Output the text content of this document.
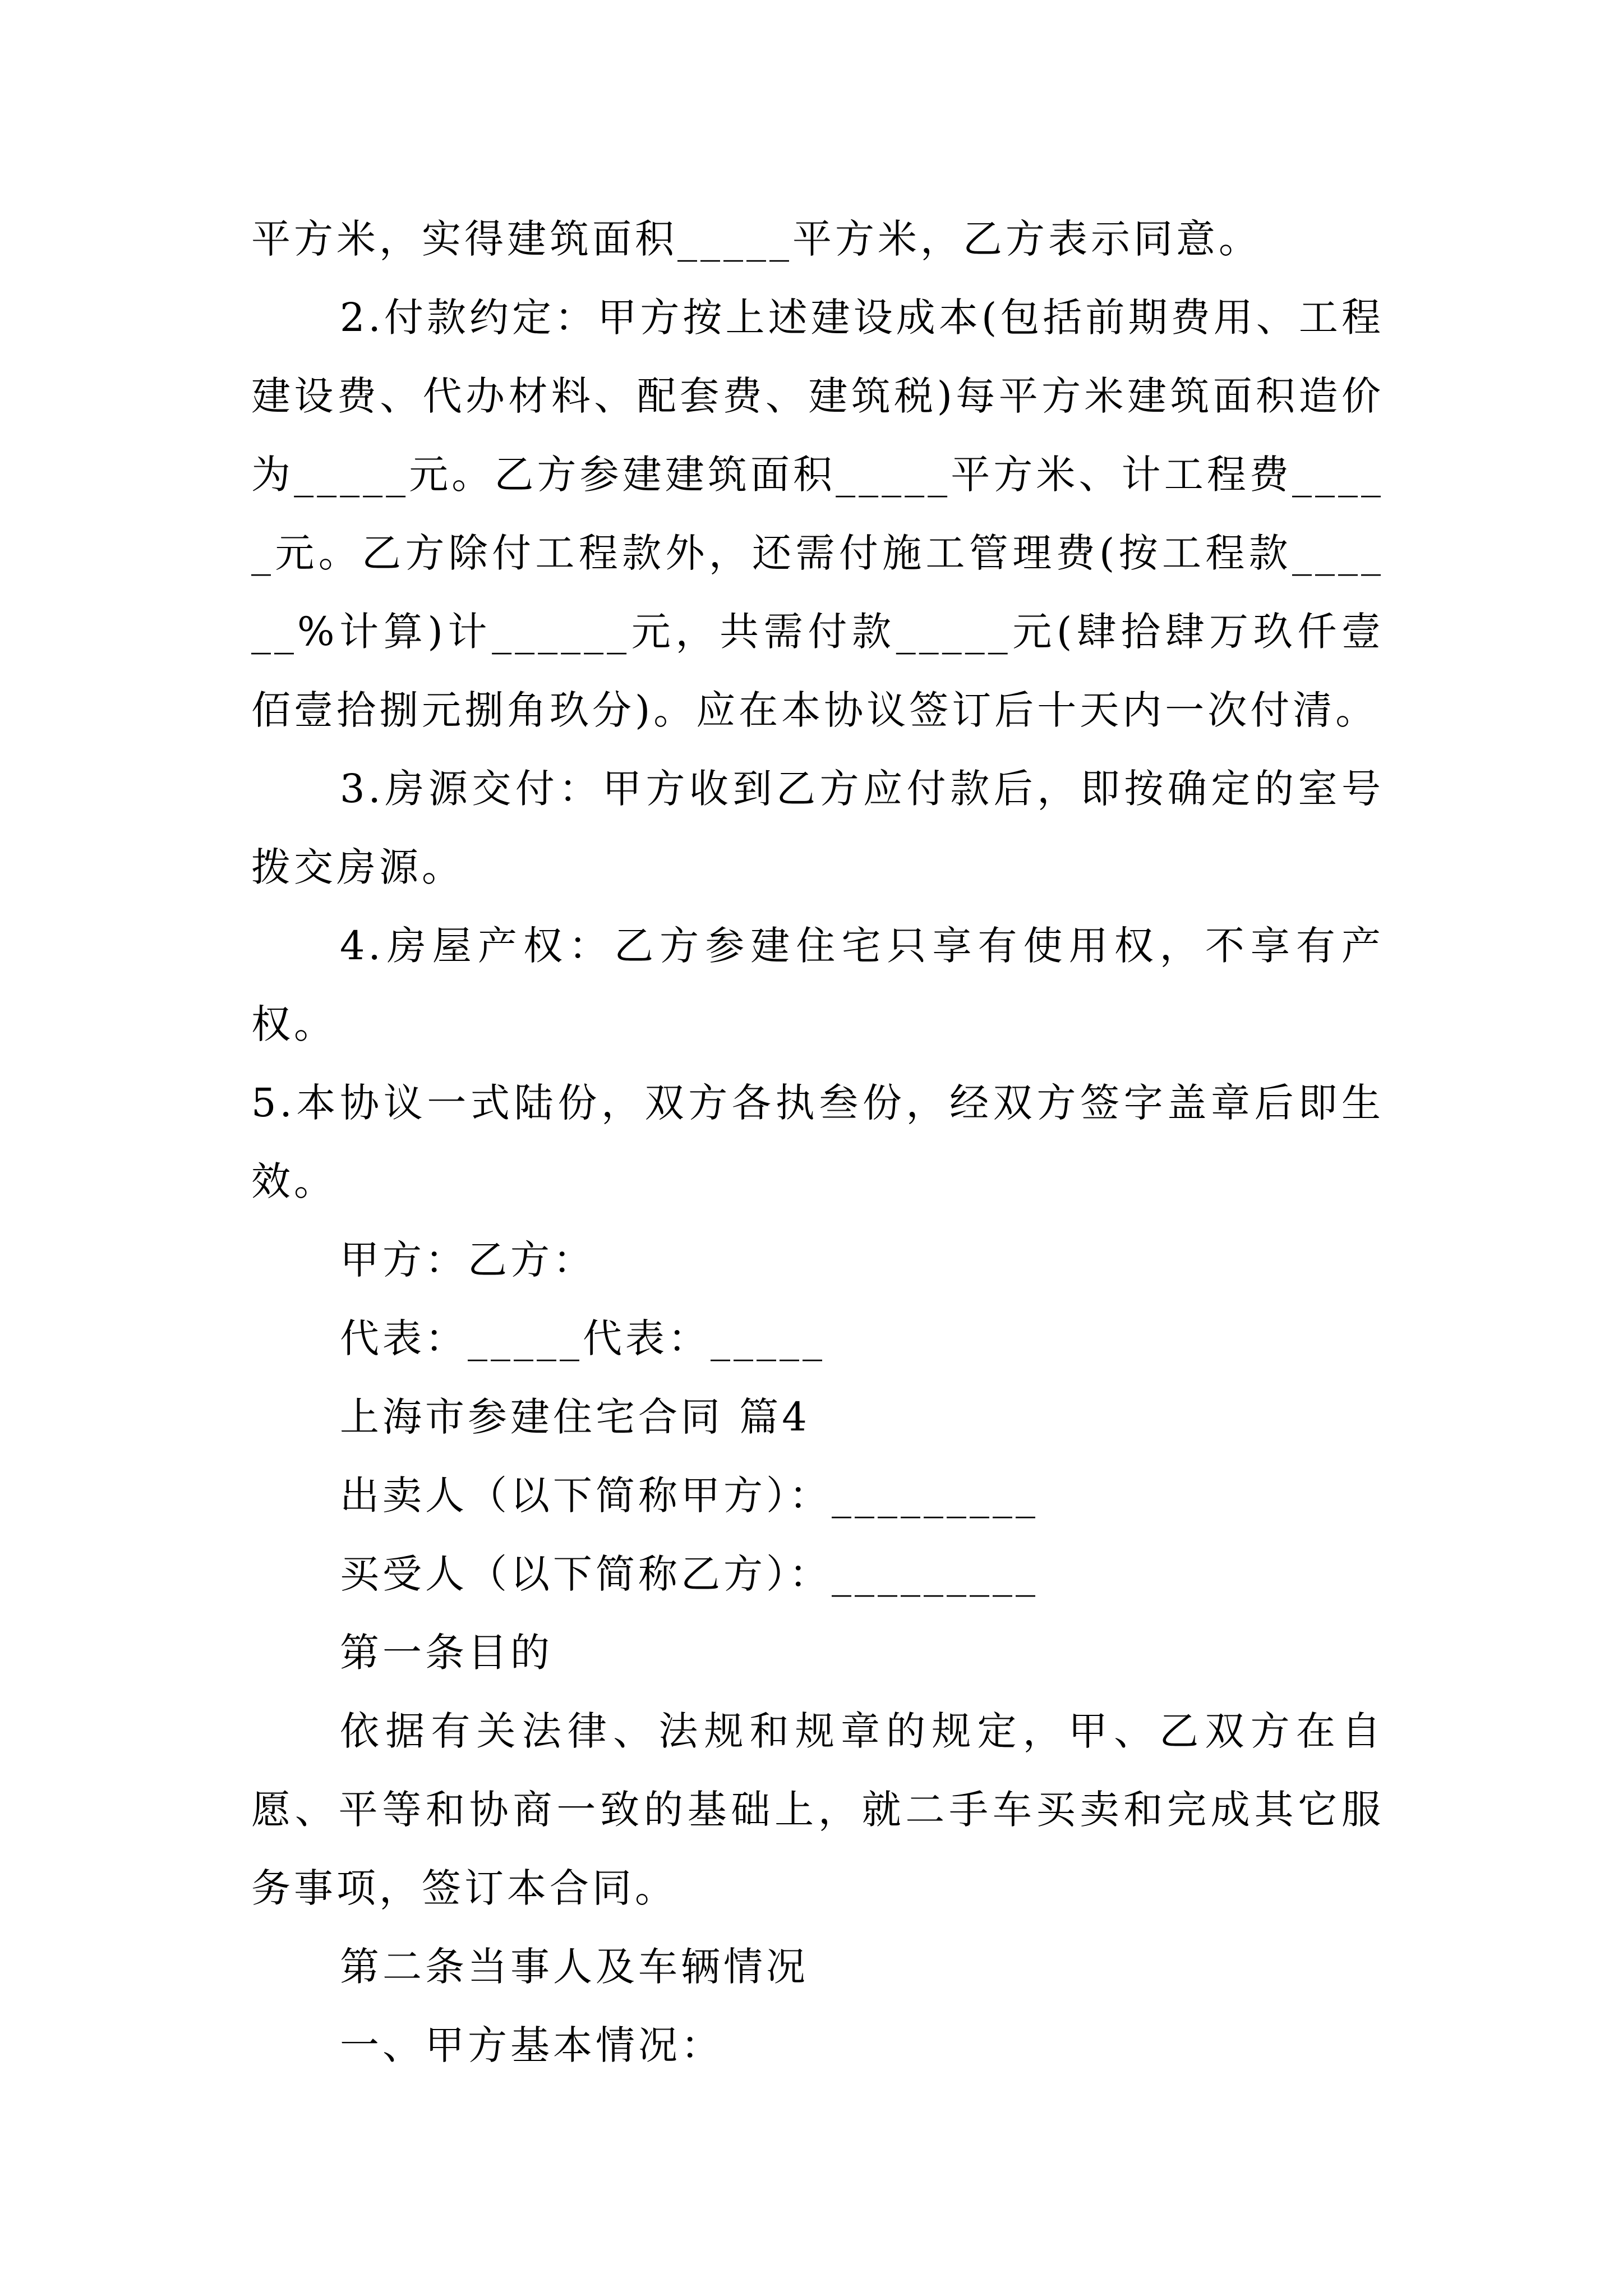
平方米，实得建筑面积_____平方米，乙方表示同意。

2.付款约定：甲方按上述建设成本(包括前期费用、工程建设费、代办材料、配套费、建筑税)每平方米建筑面积造价为_____元。乙方参建建筑面积_____平方米、计工程费_____元。乙方除付工程款外，还需付施工管理费(按工程款______%计算)计______元，共需付款_____元(肆拾肆万玖仟壹佰壹拾捌元捌角玖分)。应在本协议签订后十天内一次付清。

3.房源交付：甲方收到乙方应付款后，即按确定的室号拨交房源。

4.房屋产权：乙方参建住宅只享有使用权，不享有产权。

5.本协议一式陆份，双方各执叁份，经双方签字盖章后即生效。

甲方：乙方：

代表：_____代表：_____

上海市参建住宅合同 篇4

出卖人（以下简称甲方）：_________

买受人（以下简称乙方）：_________

第一条目的

依据有关法律、法规和规章的规定，甲、乙双方在自愿、平等和协商一致的基础上，就二手车买卖和完成其它服务事项，签订本合同。

第二条当事人及车辆情况

一、甲方基本情况：
